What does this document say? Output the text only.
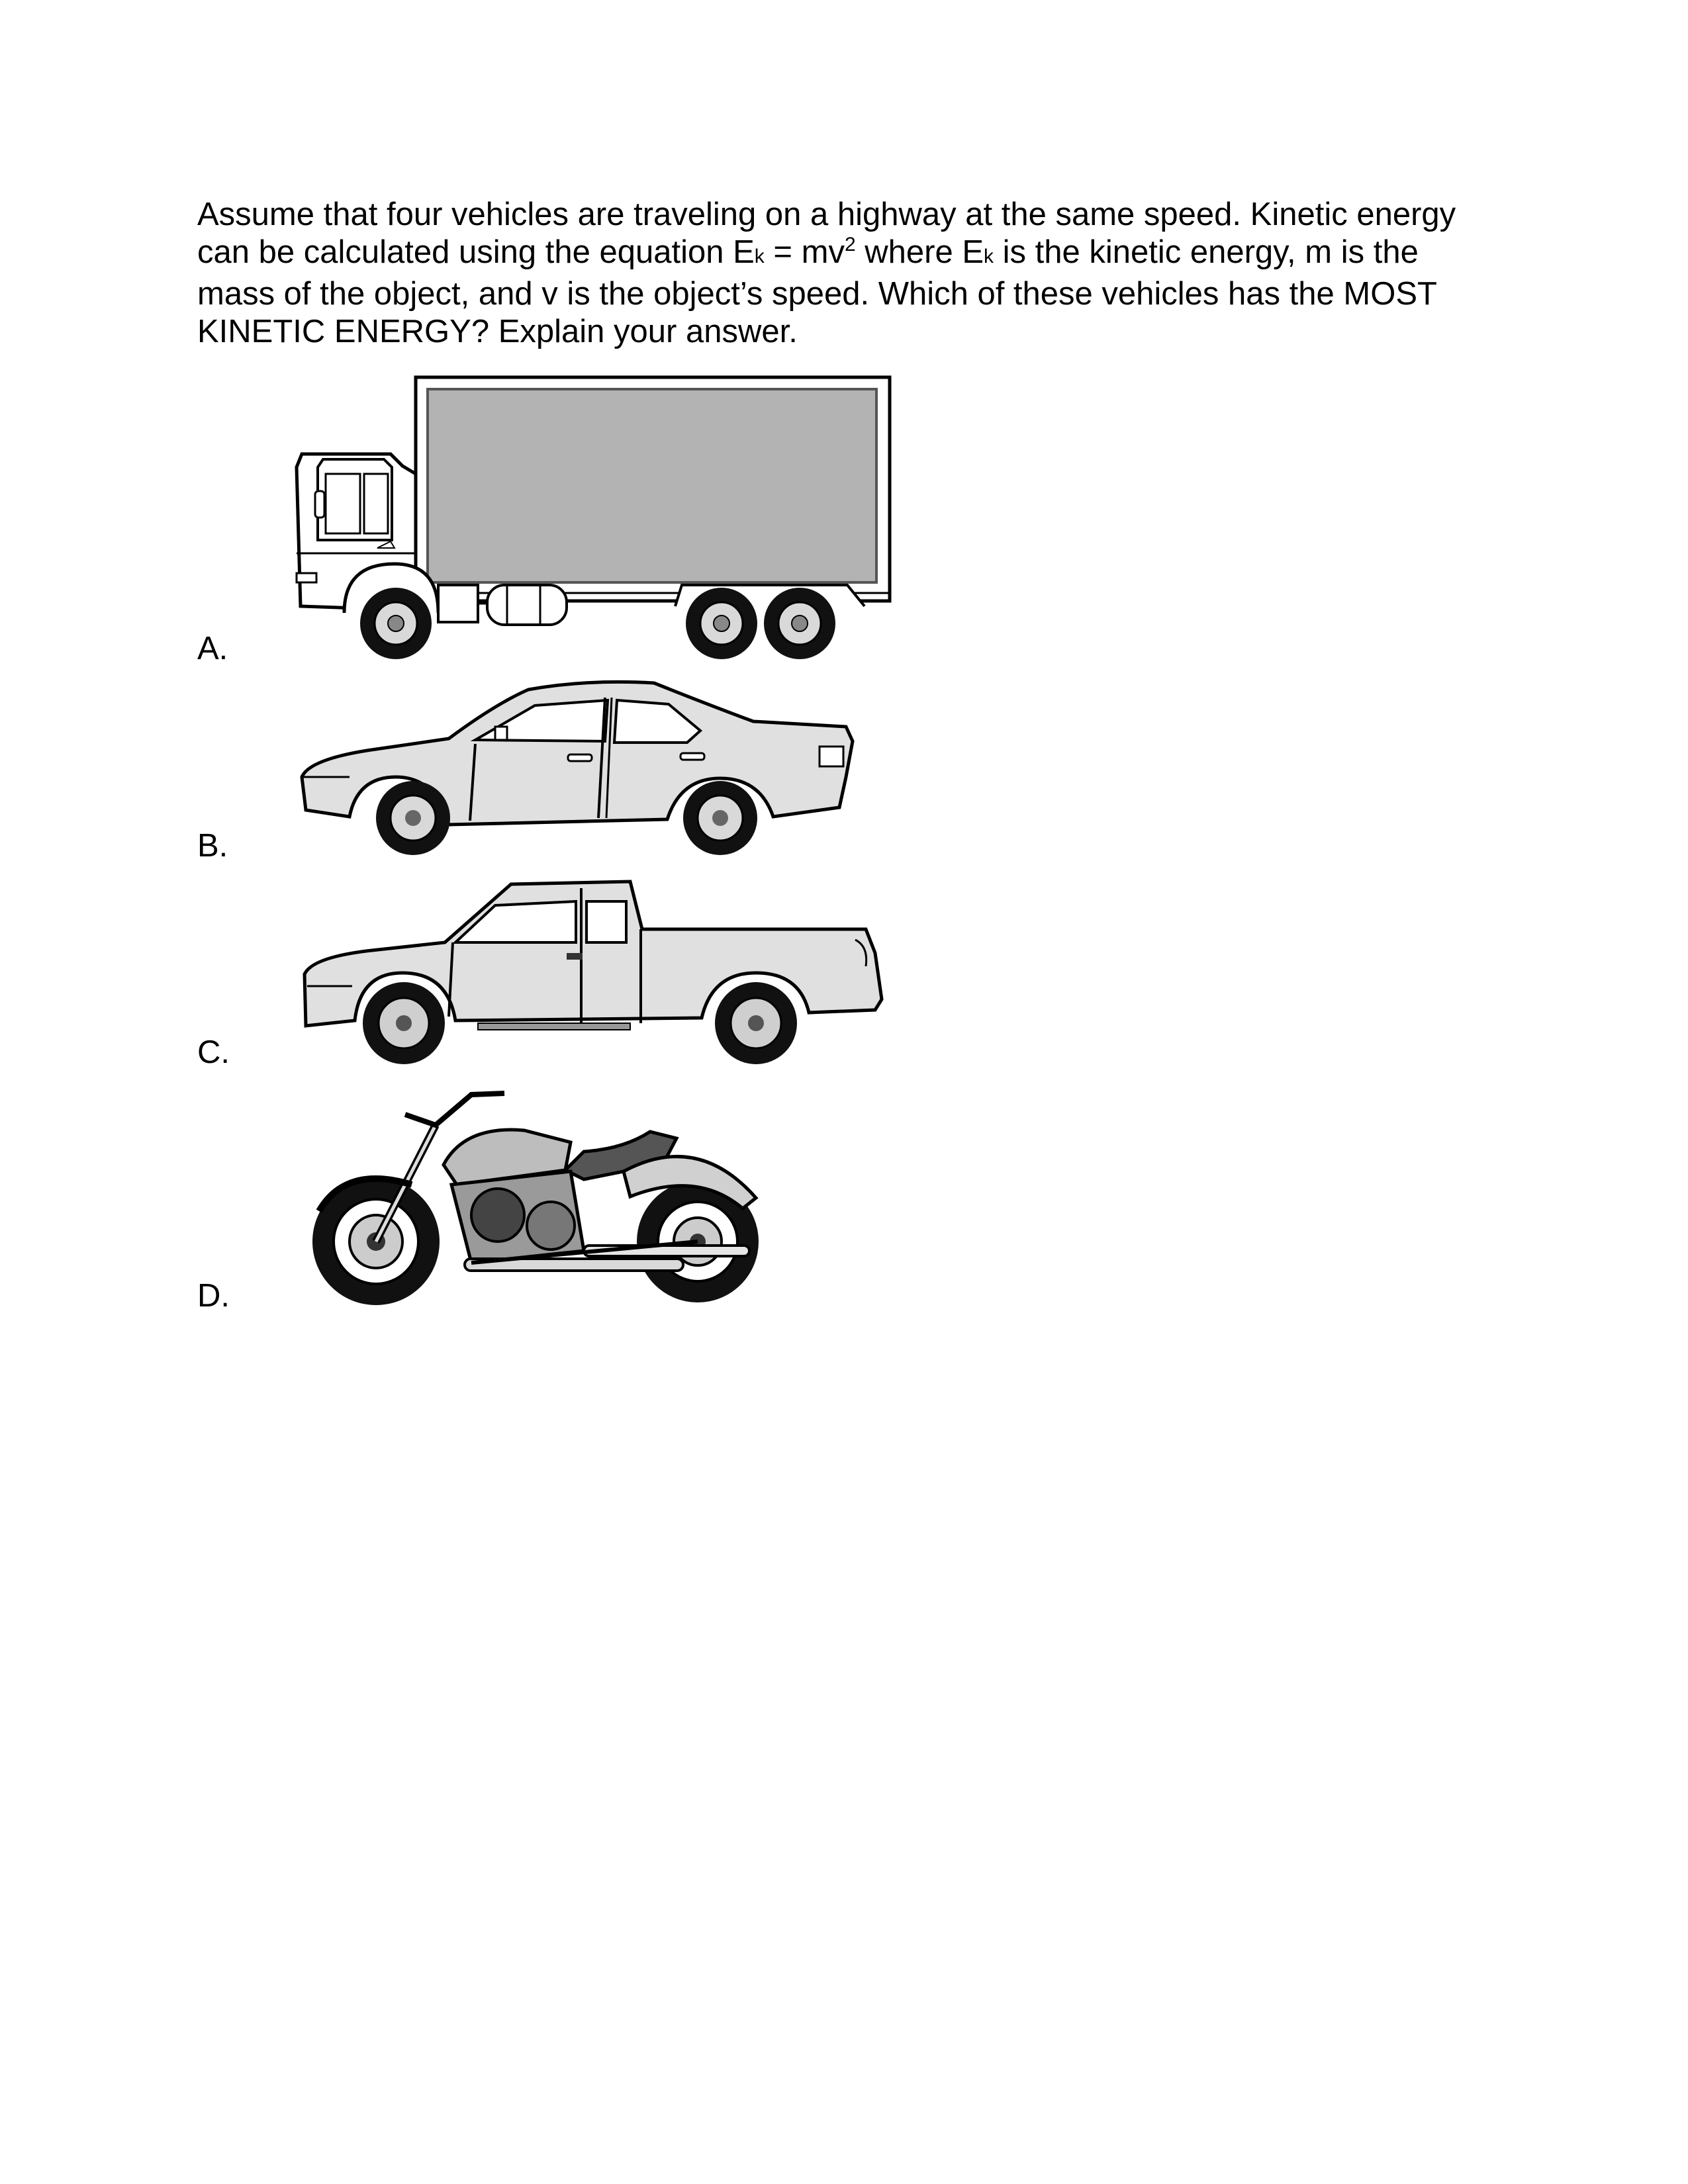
Assume that four vehicles are traveling on a highway at the same speed. Kinetic energy can be calculated using the equation $Ek = mv^2$ where Ek is the kinetic energy, m is the mass of the object, and v is the object’s speed. Which of these vehicles has the MOST KINETIC ENERGY? Explain your answer.

A.
B.
C.
D.
